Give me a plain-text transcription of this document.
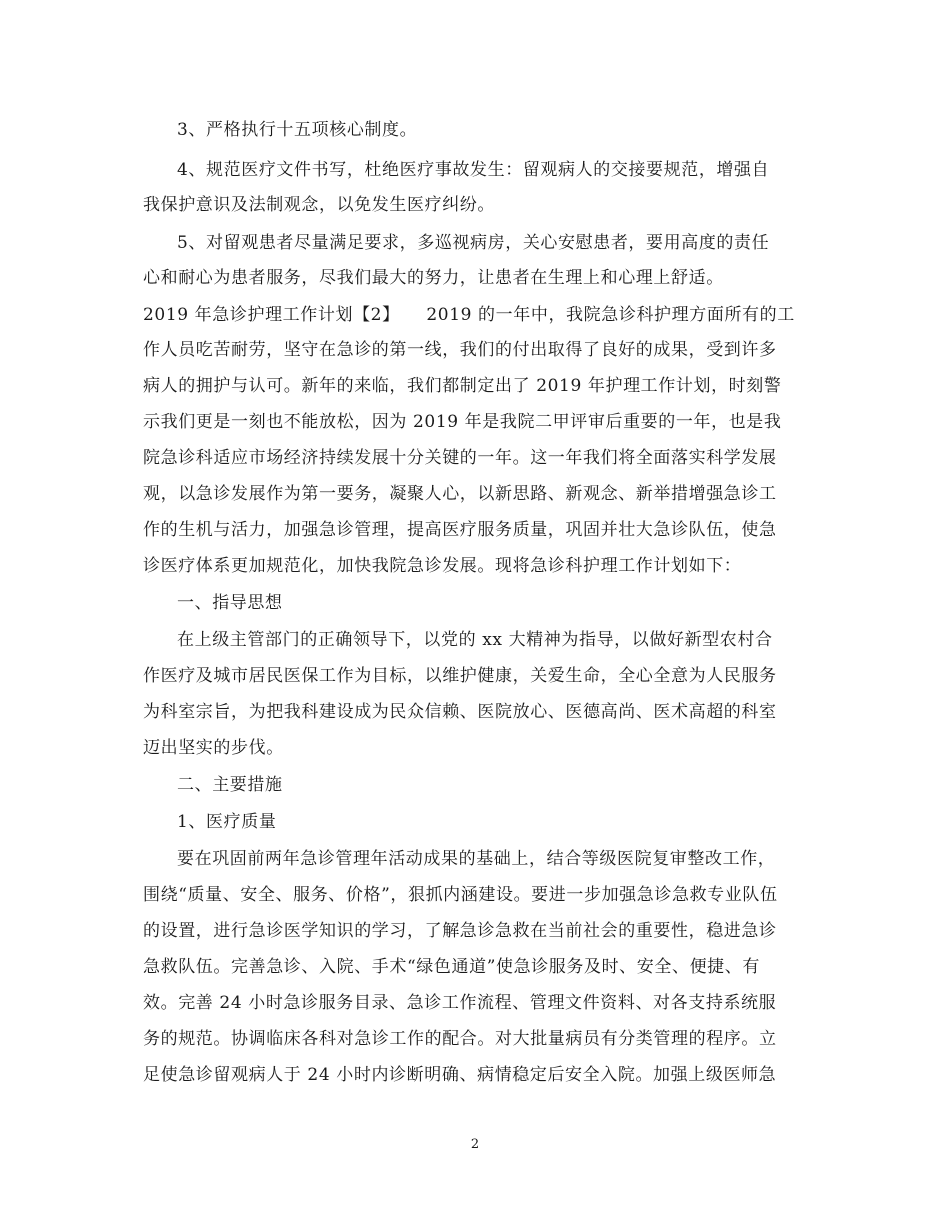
3、严格执行十五项核心制度。
4、规范医疗文件书写，杜绝医疗事故发生：留观病人的交接要规范，增强自
我保护意识及法制观念，以免发生医疗纠纷。
5、对留观患者尽量满足要求，多巡视病房，关心安慰患者，要用高度的责任
心和耐心为患者服务，尽我们最大的努力，让患者在生理上和心理上舒适。
2019 年急诊护理工作计划【2】　　2019 的一年中，我院急诊科护理方面所有的工
作人员吃苦耐劳，坚守在急诊的第一线，我们的付出取得了良好的成果，受到许多
病人的拥护与认可。新年的来临，我们都制定出了 2019 年护理工作计划，时刻警
示我们更是一刻也不能放松，因为 2019 年是我院二甲评审后重要的一年，也是我
院急诊科适应市场经济持续发展十分关键的一年。这一年我们将全面落实科学发展
观，以急诊发展作为第一要务，凝聚人心，以新思路、新观念、新举措增强急诊工
作的生机与活力，加强急诊管理，提高医疗服务质量，巩固并壮大急诊队伍，使急
诊医疗体系更加规范化，加快我院急诊发展。现将急诊科护理工作计划如下：
一、指导思想
在上级主管部门的正确领导下，以党的 xx 大精神为指导，以做好新型农村合
作医疗及城市居民医保工作为目标，以维护健康，关爱生命，全心全意为人民服务
为科室宗旨，为把我科建设成为民众信赖、医院放心、医德高尚、医术高超的科室
迈出坚实的步伐。
二、主要措施
1、医疗质量
要在巩固前两年急诊管理年活动成果的基础上，结合等级医院复审整改工作，
围绕“质量、安全、服务、价格”，狠抓内涵建设。要进一步加强急诊急救专业队伍
的设置，进行急诊医学知识的学习，了解急诊急救在当前社会的重要性，稳进急诊
急救队伍。完善急诊、入院、手术“绿色通道”使急诊服务及时、安全、便捷、有
效。完善 24 小时急诊服务目录、急诊工作流程、管理文件资料、对各支持系统服
务的规范。协调临床各科对急诊工作的配合。对大批量病员有分类管理的程序。立
足使急诊留观病人于 24 小时内诊断明确、病情稳定后安全入院。加强上级医师急
2
